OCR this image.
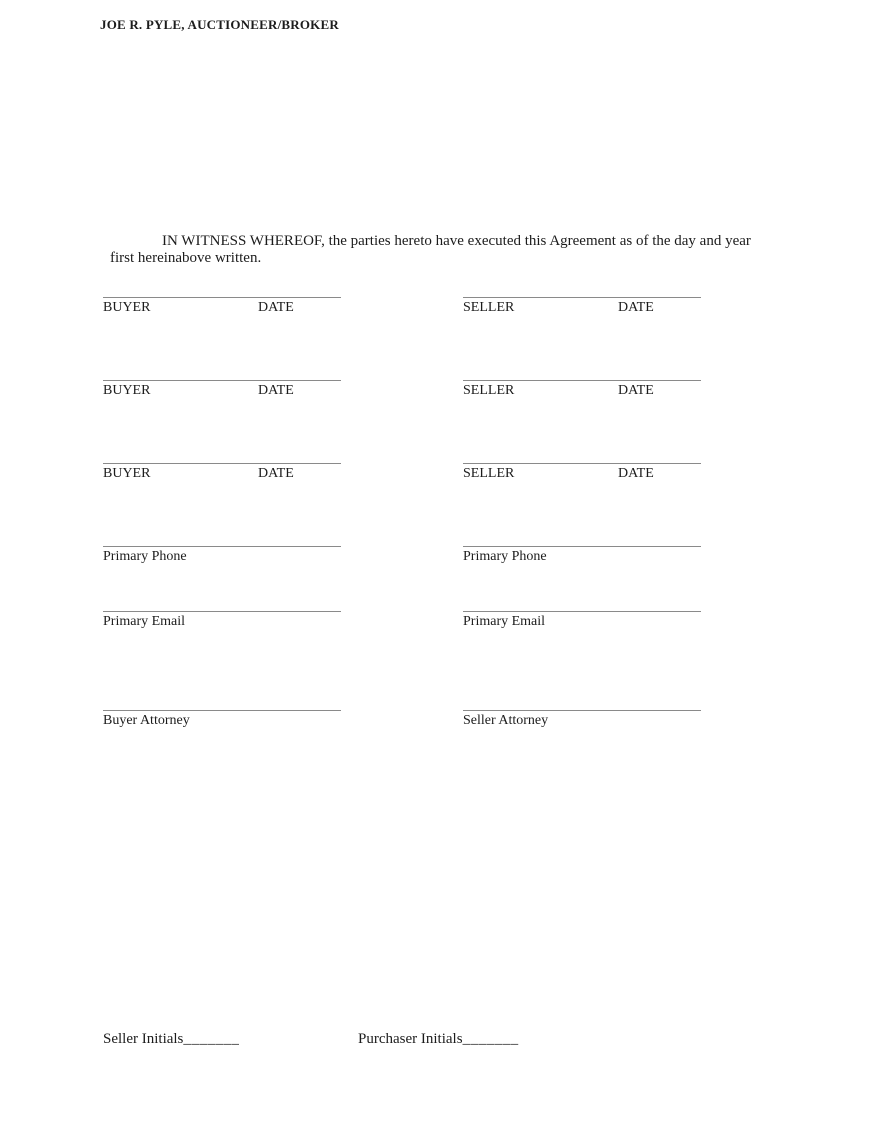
JOE R. PYLE, AUCTIONEER/BROKER

IN WITNESS WHEREOF, the parties hereto have executed this Agreement as of the day and year first hereinabove written.

BUYER	DATE	SELLER	DATE
BUYER	DATE	SELLER	DATE
BUYER	DATE	SELLER	DATE
Primary Phone	Primary Phone
Primary Email	Primary Email
Buyer Attorney	Seller Attorney
Seller Initials_______	Purchaser Initials_______
